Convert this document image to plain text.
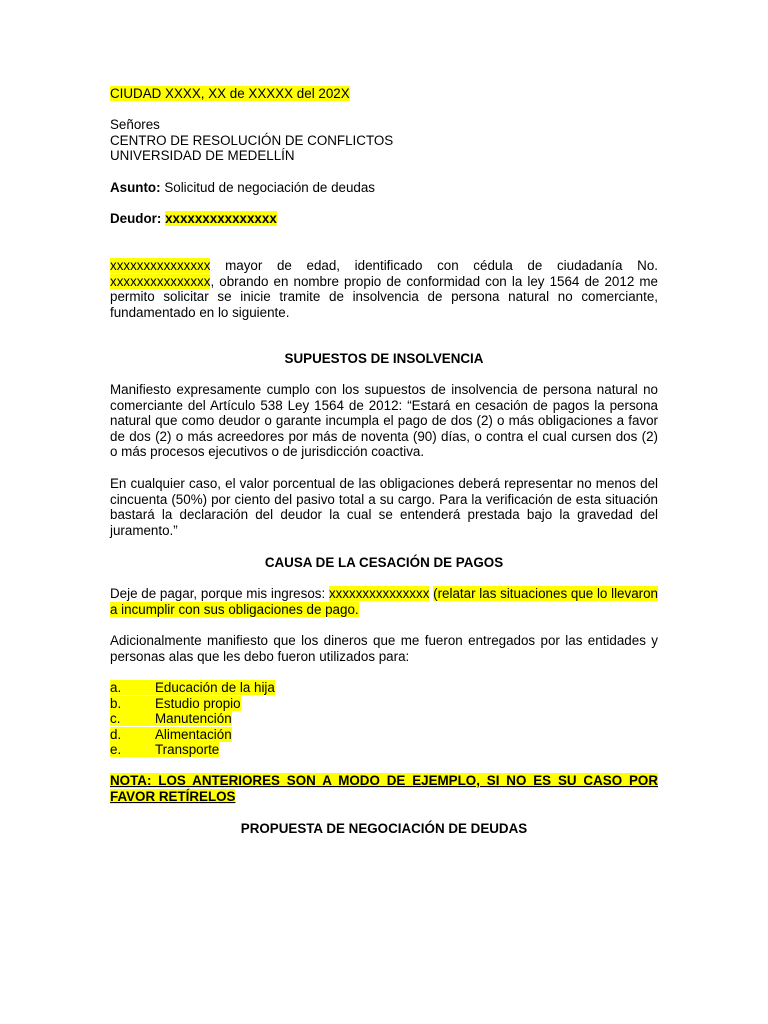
CIUDAD XXXX, XX de XXXXX del 202X

Señores
CENTRO DE RESOLUCIÓN DE CONFLICTOS
UNIVERSIDAD DE MEDELLÍN

Asunto: Solicitud de negociación de deudas

Deudor: xxxxxxxxxxxxxxx

xxxxxxxxxxxxxxx mayor de edad, identificado con cédula de ciudadanía No. xxxxxxxxxxxxxxx, obrando en nombre propio de conformidad con la ley 1564 de 2012 me permito solicitar se inicie tramite de insolvencia de persona natural no comerciante, fundamentado en lo siguiente.

SUPUESTOS DE INSOLVENCIA

Manifiesto expresamente cumplo con los supuestos de insolvencia de persona natural no comerciante del Artículo 538 Ley 1564 de 2012: “Estará en cesación de pagos la persona natural que como deudor o garante incumpla el pago de dos (2) o más obligaciones a favor de dos (2) o más acreedores por más de noventa (90) días, o contra el cual cursen dos (2) o más procesos ejecutivos o de jurisdicción coactiva.

En cualquier caso, el valor porcentual de las obligaciones deberá representar no menos del cincuenta (50%) por ciento del pasivo total a su cargo. Para la verificación de esta situación bastará la declaración del deudor la cual se entenderá prestada bajo la gravedad del juramento.”

CAUSA DE LA CESACIÓN DE PAGOS

Deje de pagar, porque mis ingresos: xxxxxxxxxxxxxxx (relatar las situaciones que lo llevaron a incumplir con sus obligaciones de pago.

Adicionalmente manifiesto que los dineros que me fueron entregados por las entidades y personas alas que les debo fueron utilizados para:

a.	Educación de la hija
b.	Estudio propio
c.	Manutención
d.	Alimentación
e.	Transporte

NOTA: LOS ANTERIORES SON A MODO DE EJEMPLO, SI NO ES SU CASO POR FAVOR RETÍRELOS

PROPUESTA DE NEGOCIACIÓN DE DEUDAS
